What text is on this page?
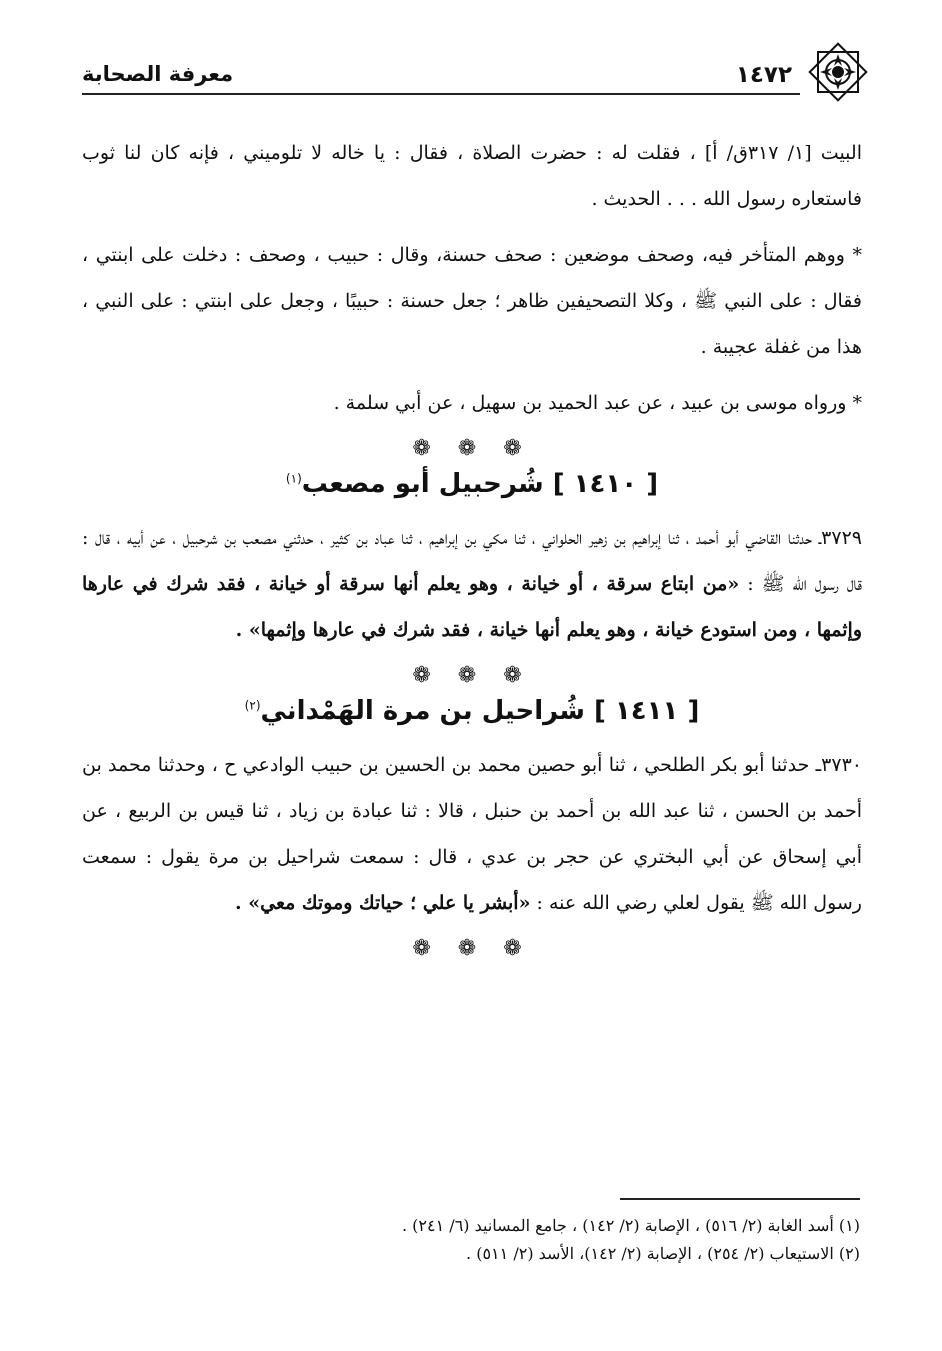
١٤٧٢
معرفة الصحابة

البيت [١/ ٣١٧ق/ أ] ، فقلت له : حضرت الصلاة ، فقال : يا خاله لا تلوميني ، فإنه كان لنا ثوب فاستعاره رسول الله . . . الحديث .

* ووهم المتأخر فيه، وصحف موضعين : صحف حسنة، وقال : حبيب ، وصحف : دخلت على ابنتي ، فقال : على النبي ﷺ ، وكلا التصحيفين ظاهر ؛ جعل حسنة : حبيبًا ، وجعل على ابنتي : على النبي ، هذا من غفلة عجيبة .

* ورواه موسى بن عبيد ، عن عبد الحميد بن سهيل ، عن أبي سلمة .

❁ ❁ ❁
[ ١٤١٠ ] شُرحبيل أبو مصعب$^{(١)}$

٣٧٢٩ـ حدثنا القاضي أبو أحمد ، ثنا إبراهيم بن زهير الحلواني ، ثنا مكي بن إبراهيم ، ثنا عباد بن كثير ، حدثني مصعب بن شرحبيل ، عن أبيه ، قال : قال رسول الله ﷺ : «من ابتاع سرقة ، أو خيانة ، وهو يعلم أنها سرقة أو خيانة ، فقد شرك في عارها وإثمها ، ومن استودع خيانة ، وهو يعلم أنها خيانة ، فقد شرك في عارها وإثمها» .

❁ ❁ ❁
[ ١٤١١ ] شُراحيل بن مرة الهَمْداني$^{(٢)}$

٣٧٣٠ـ حدثنا أبو بكر الطلحي ، ثنا أبو حصين محمد بن الحسين بن حبيب الوادعي ح ، وحدثنا محمد بن أحمد بن الحسن ، ثنا عبد الله بن أحمد بن حنبل ، قالا : ثنا عبادة بن زياد ، ثنا قيس بن الربيع ، عن أبي إسحاق عن أبي البختري عن حجر بن عدي ، قال : سمعت شراحيل بن مرة يقول : سمعت رسول الله ﷺ يقول لعلي رضي الله عنه : «أبشر يا علي ؛ حياتك وموتك معي» .

❁ ❁ ❁

(١) أسد الغابة (٢/ ٥١٦) ، الإصابة (٢/ ١٤٢) ، جامع المسانيد (٦/ ٢٤١) .

(٢) الاستيعاب (٢/ ٢٥٤) ، الإصابة (٢/ ١٤٢)، الأسد (٢/ ٥١١) .
